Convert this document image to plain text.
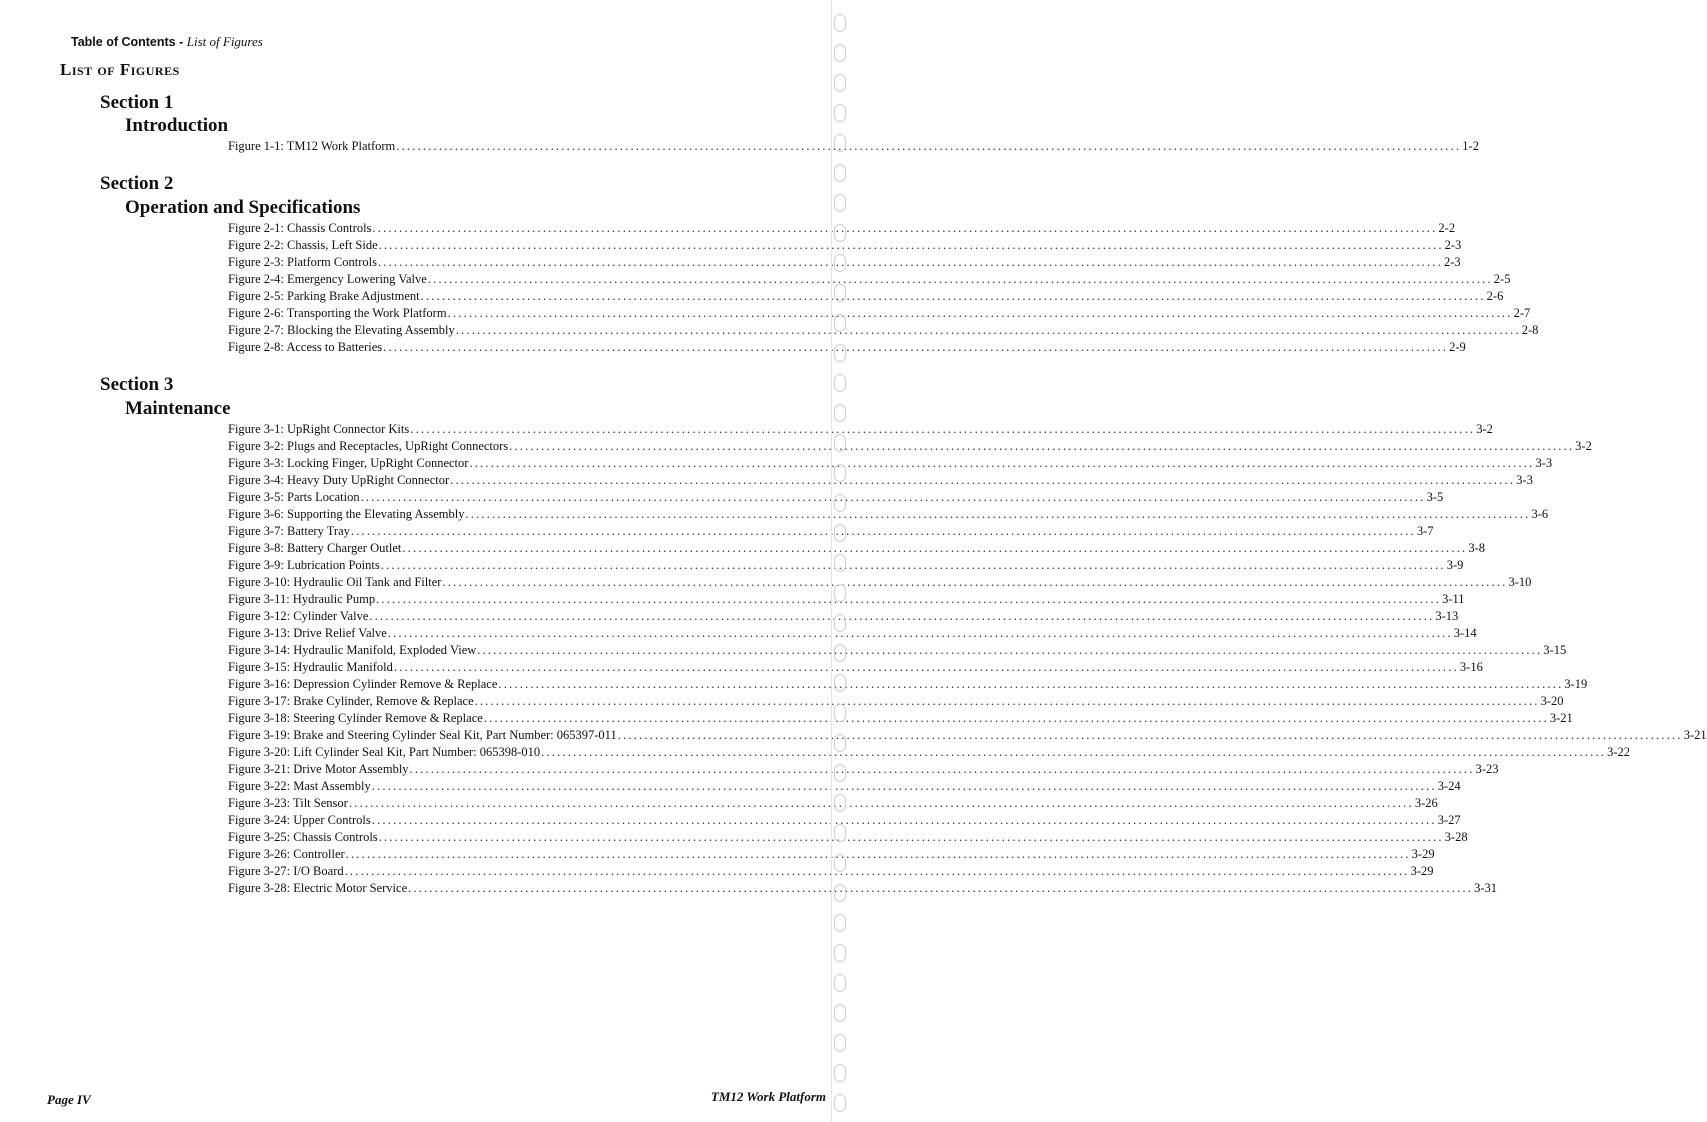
Table of Contents - List of Figures
List of Figures
Section 1
Introduction
Figure 1-1: TM12 Work Platform ........................................................................................................................................................................................................ 1-2
Section 2
Operation and Specifications
Figure 2-1: Chassis Controls ........................................................................................................................................................................................................ 2-2
Figure 2-2: Chassis, Left Side ........................................................................................................................................................................................................ 2-3
Figure 2-3: Platform Controls ........................................................................................................................................................................................................ 2-3
Figure 2-4: Emergency Lowering Valve ........................................................................................................................................................................................................ 2-5
Figure 2-5: Parking Brake Adjustment ........................................................................................................................................................................................................ 2-6
Figure 2-6: Transporting the Work Platform ........................................................................................................................................................................................................ 2-7
Figure 2-7: Blocking the Elevating Assembly ........................................................................................................................................................................................................ 2-8
Figure 2-8: Access to Batteries ........................................................................................................................................................................................................ 2-9
Section 3
Maintenance
Figure 3-1: UpRight Connector Kits ........................................................................................................................................................................................................ 3-2
Figure 3-2: Plugs and Receptacles, UpRight Connectors ........................................................................................................................................................................................................ 3-2
Figure 3-3: Locking Finger, UpRight Connector ........................................................................................................................................................................................................ 3-3
Figure 3-4: Heavy Duty UpRight Connector ........................................................................................................................................................................................................ 3-3
Figure 3-5: Parts Location ........................................................................................................................................................................................................ 3-5
Figure 3-6: Supporting the Elevating Assembly ........................................................................................................................................................................................................ 3-6
Figure 3-7: Battery Tray ........................................................................................................................................................................................................ 3-7
Figure 3-8: Battery Charger Outlet ........................................................................................................................................................................................................ 3-8
Figure 3-9: Lubrication Points ........................................................................................................................................................................................................ 3-9
Figure 3-10: Hydraulic Oil Tank and Filter ........................................................................................................................................................................................................ 3-10
Figure 3-11: Hydraulic Pump ........................................................................................................................................................................................................ 3-11
Figure 3-12: Cylinder Valve ........................................................................................................................................................................................................ 3-13
Figure 3-13: Drive Relief Valve ........................................................................................................................................................................................................ 3-14
Figure 3-14: Hydraulic Manifold, Exploded View ........................................................................................................................................................................................................ 3-15
Figure 3-15: Hydraulic Manifold ........................................................................................................................................................................................................ 3-16
Figure 3-16: Depression Cylinder Remove & Replace ........................................................................................................................................................................................................ 3-19
Figure 3-17: Brake Cylinder, Remove & Replace ........................................................................................................................................................................................................ 3-20
Figure 3-18: Steering Cylinder Remove & Replace ........................................................................................................................................................................................................ 3-21
Figure 3-19: Brake and Steering Cylinder Seal Kit, Part Number: 065397-011 ........................................................................................................................................................................................................ 3-21
Figure 3-20: Lift Cylinder Seal Kit, Part Number: 065398-010 ........................................................................................................................................................................................................ 3-22
Figure 3-21: Drive Motor Assembly ........................................................................................................................................................................................................ 3-23
Figure 3-22: Mast Assembly ........................................................................................................................................................................................................ 3-24
Figure 3-23: Tilt Sensor ........................................................................................................................................................................................................ 3-26
Figure 3-24: Upper Controls ........................................................................................................................................................................................................ 3-27
Figure 3-25: Chassis Controls ........................................................................................................................................................................................................ 3-28
Figure 3-26: Controller ........................................................................................................................................................................................................ 3-29
Figure 3-27: I/O Board ........................................................................................................................................................................................................ 3-29
Figure 3-28: Electric Motor Service ........................................................................................................................................................................................................ 3-31
Page IV	TM12 Work Platform
